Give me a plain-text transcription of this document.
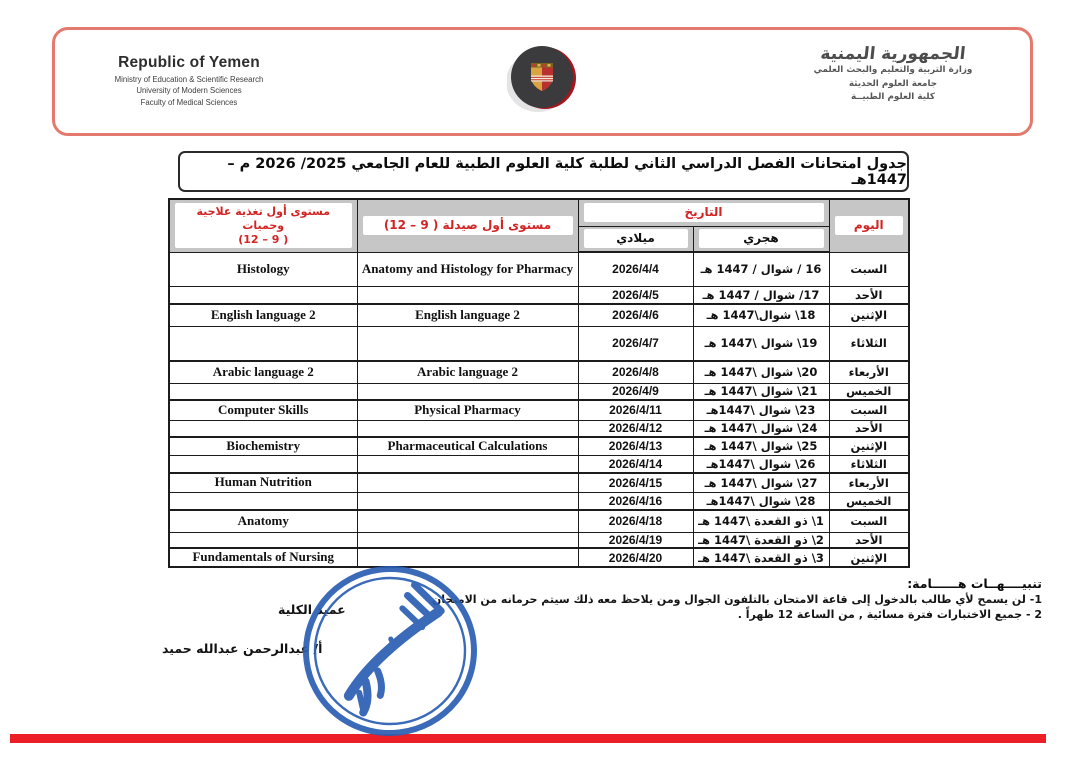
Republic of Yemen
Ministry of Education & Scientific Research
University of Modern Sciences
Faculty of Medical Sciences
الجمهورية اليمنية
وزارة التربية والتعليم والبحث العلمي
جامعة العلوم الحديثة
كلية العلوم الطبيــة
جدول امتحانات الفصل الدراسي الثاني لطلبة كلية العلوم الطبية للعام الجامعي 2025/ 2026 م –1447هـ
اليوم	التاريخ		مستوى أول صيدلة ( 9 – 12)	مستوى أول تغذية علاجية وحميات
( 9 – 12)

	هجري	ميلادي		

السبت	16 / شوال / 1447 هـ	2026/4/4	Anatomy and Histology for Pharmacy	Histology
الأحد	17/ شوال / 1447 هـ	2026/4/5		
الإثنين	18\ شوال\1447 هـ	2026/4/6	English language 2	English language 2
الثلاثاء	19\ شوال \1447 هـ	2026/4/7		
الأربعاء	20\ شوال \1447 هـ	2026/4/8	Arabic language 2	Arabic language 2
الخميس	21\ شوال \1447 هـ	2026/4/9		
السبت	23\ شوال \1447هـ	2026/4/11	Physical Pharmacy	Computer Skills
الأحد	24\ شوال \1447 هـ	2026/4/12		
الإثنين	25\ شوال \1447 هـ	2026/4/13	Pharmaceutical Calculations	Biochemistry
الثلاثاء	26\ شوال \1447هـ	2026/4/14		
الأربعاء	27\ شوال \1447 هـ	2026/4/15		Human Nutrition
الخميس	28\ شوال \1447هـ	2026/4/16		
السبت	1\ ذو القعدة \1447 هـ	2026/4/18		Anatomy
الأحد	2\ ذو القعدة \1447 هـ	2026/4/19		
الإثنين	3\ ذو القعدة \1447 هـ	2026/4/20		Fundamentals of Nursing
تنبيــــهــات هــــــامة:
1- لن يسمح لأي طالب بالدخول إلى قاعة الامتحان بالتلفون الجوال ومن يلاحظ معه ذلك سيتم حرمانه من الامتحان
2 - جميع الاختبارات فترة مسائية , من الساعة 12 ظهراً .
عميد الكلية
أ/ عبدالرحمن عبدالله حميد
